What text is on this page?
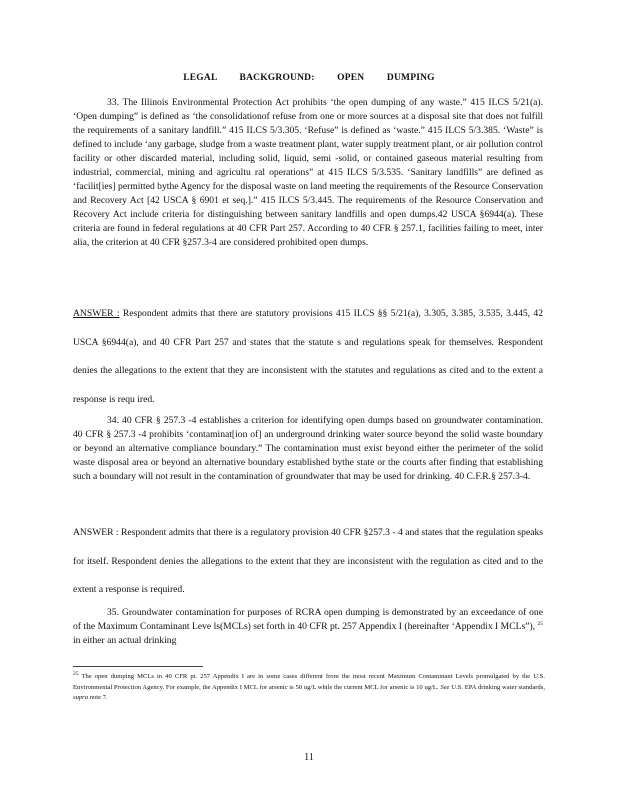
LEGAL BACKGROUND: OPEN DUMPING

33. The Illinois Environmental Protection Act prohibits ‘the open dumping of any waste.” 415 ILCS 5/21(a). ‘Open dumping” is defined as ‘the consolidationof refuse from one or more sources at a disposal site that does not fulfill the requirements of a sanitary landfill.” 415 ILCS 5/3.305. ‘Refuse” is defined as ‘waste.” 415 ILCS 5/3.385. ‘Waste” is defined to include ‘any garbage, sludge from a waste treatment plant, water supply treatment plant, or air pollution control facility or other discarded material, including solid, liquid, semi -solid, or contained gaseous material resulting from industrial, commercial, mining and agricultu ral operations” at 415 ILCS 5/3.535. ‘Sanitary landfills” are defined as ‘facilit[ies] permitted bythe Agency for the disposal waste on land meeting the requirements of the Resource Conservation and Recovery Act [42 USCA § 6901 et seq.].” 415 ILCS 5/3.445. The requirements of the Resource Conservation and Recovery Act include criteria for distinguishing between sanitary landfills and open dumps.42 USCA §6944(a). These criteria are found in federal regulations at 40 CFR Part 257. According to 40 CFR § 257.1, facilities failing to meet, inter alia, the criterion at 40 CFR §257.3-4 are considered prohibited open dumps.

ANSWER : Respondent admits that there are statutory provisions 415 ILCS §§ 5/21(a), 3.305, 3.385, 3.535, 3.445, 42 USCA §6944(a), and 40 CFR Part 257 and states that the statute s and regulations speak for themselves. Respondent denies the allegations to the extent that they are inconsistent with the statutes and regulations as cited and to the extent a response is requ ired.

34. 40 CFR § 257.3 -4 establishes a criterion for identifying open dumps based on groundwater contamination. 40 CFR § 257.3 -4 prohibits ‘contaminat[ion of] an underground drinking water source beyond the solid waste boundary or beyond an alternative compliance boundary.” The contamination must exist beyond either the perimeter of the solid waste disposal area or beyond an alternative boundary established bythe state or the courts after finding that establishing such a boundary will not result in the contamination of groundwater that may be used for drinking. 40 C.F.R.§ 257.3-4.

ANSWER : Respondent admits that there is a regulatory provision 40 CFR §257.3 - 4 and states that the regulation speaks for itself. Respondent denies the allegations to the extent that they are inconsistent with the regulation as cited and to the extent a response is required.

35. Groundwater contamination for purposes of RCRA open dumping is demonstrated by an exceedance of one of the Maximum Contaminant Leve ls(MCLs) set forth in 40 CFR pt. 257 Appendix I (hereinafter ‘Appendix I MCLs”), $^{25}$ in either an actual drinking

$^{25}$ The open dumping MCLs in 40 CFR pt. 257 Appendix I are in some cases different from the most recent Maximum Contaminant Levels promulgated by the U.S. Environmental Protection Agency. For example, the Appendix I MCL for arsenic is 50 ug/L while the current MCL for arsenic is 10 ug/L. See U.S. EPA drinking water standards, supra note 7.

11
